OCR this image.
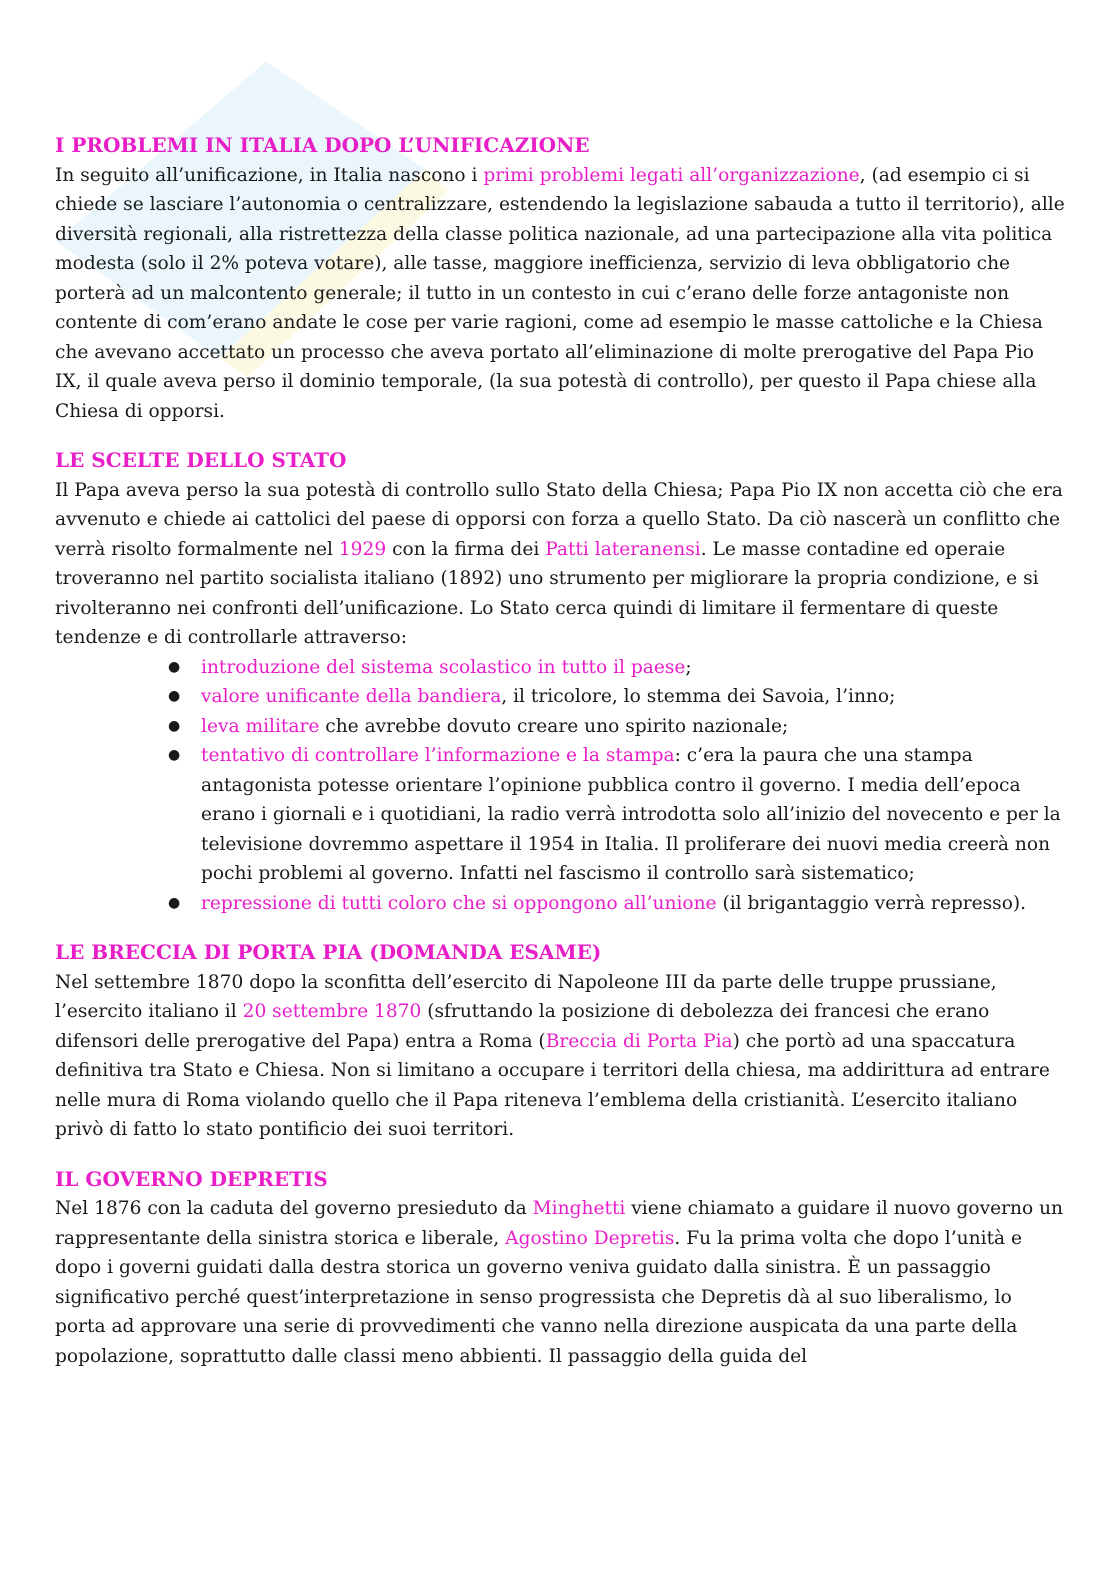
I PROBLEMI IN ITALIA DOPO L’UNIFICAZIONE

In seguito all’unificazione, in Italia nascono i primi problemi legati all’organizzazione, (ad esempio ci si chiede se lasciare l’autonomia o centralizzare, estendendo la legislazione sabauda a tutto il territorio), alle diversità regionali, alla ristrettezza della classe politica nazionale, ad una partecipazione alla vita politica modesta (solo il 2% poteva votare), alle tasse, maggiore inefficienza, servizio di leva obbligatorio che porterà ad un malcontento generale; il tutto in un contesto in cui c’erano delle forze antagoniste non contente di com’erano andate le cose per varie ragioni, come ad esempio le masse cattoliche e la Chiesa che avevano accettato un processo che aveva portato all’eliminazione di molte prerogative del Papa Pio IX, il quale aveva perso il dominio temporale, (la sua potestà di controllo), per questo il Papa chiese alla Chiesa di opporsi.

LE SCELTE DELLO STATO

Il Papa aveva perso la sua potestà di controllo sullo Stato della Chiesa; Papa Pio IX non accetta ciò che era avvenuto e chiede ai cattolici del paese di opporsi con forza a quello Stato. Da ciò nascerà un conflitto che verrà risolto formalmente nel 1929 con la firma dei Patti lateranensi. Le masse contadine ed operaie troveranno nel partito socialista italiano (1892) uno strumento per migliorare la propria condizione, e si rivolteranno nei confronti dell’unificazione. Lo Stato cerca quindi di limitare il fermentare di queste tendenze e di controllarle attraverso:

● introduzione del sistema scolastico in tutto il paese;
● valore unificante della bandiera, il tricolore, lo stemma dei Savoia, l’inno;
● leva militare che avrebbe dovuto creare uno spirito nazionale;
● tentativo di controllare l’informazione e la stampa: c’era la paura che una stampa antagonista potesse orientare l’opinione pubblica contro il governo. I media dell’epoca erano i giornali e i quotidiani, la radio verrà introdotta solo all’inizio del novecento e per la televisione dovremmo aspettare il 1954 in Italia. Il proliferare dei nuovi media creerà non pochi problemi al governo. Infatti nel fascismo il controllo sarà sistematico;
● repressione di tutti coloro che si oppongono all’unione (il brigantaggio verrà represso).
LE BRECCIA DI PORTA PIA (DOMANDA ESAME)

Nel settembre 1870 dopo la sconfitta dell’esercito di Napoleone III da parte delle truppe prussiane, l’esercito italiano il 20 settembre 1870 (sfruttando la posizione di debolezza dei francesi che erano difensori delle prerogative del Papa) entra a Roma (Breccia di Porta Pia) che portò ad una spaccatura definitiva tra Stato e Chiesa. Non si limitano a occupare i territori della chiesa, ma addirittura ad entrare nelle mura di Roma violando quello che il Papa riteneva l’emblema della cristianità. L’esercito italiano privò di fatto lo stato pontificio dei suoi territori.

IL GOVERNO DEPRETIS

Nel 1876 con la caduta del governo presieduto da Minghetti viene chiamato a guidare il nuovo governo un rappresentante della sinistra storica e liberale, Agostino Depretis. Fu la prima volta che dopo l’unità e dopo i governi guidati dalla destra storica un governo veniva guidato dalla sinistra. È un passaggio significativo perché quest’interpretazione in senso progressista che Depretis dà al suo liberalismo, lo porta ad approvare una serie di provvedimenti che vanno nella direzione auspicata da una parte della popolazione, soprattutto dalle classi meno abbienti. Il passaggio della guida del
